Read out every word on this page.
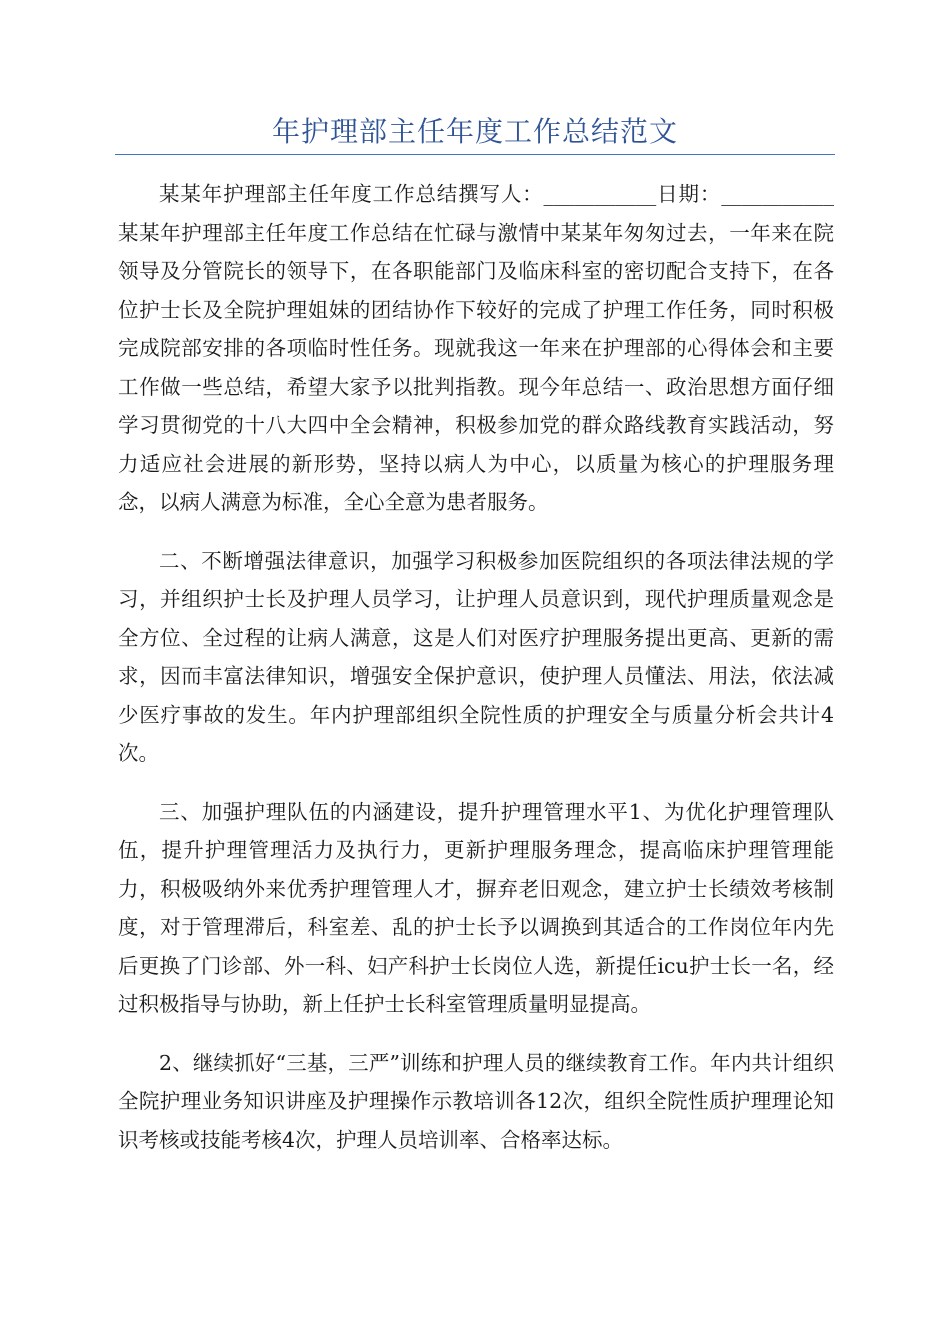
年护理部主任年度工作总结范文

某某年护理部主任年度工作总结撰写人：___________日期：___________某某年护理部主任年度工作总结在忙碌与激情中某某年匆匆过去，一年来在院领导及分管院长的领导下，在各职能部门及临床科室的密切配合支持下，在各位护士长及全院护理姐妹的团结协作下较好的完成了护理工作任务，同时积极完成院部安排的各项临时性任务。现就我这一年来在护理部的心得体会和主要工作做一些总结，希望大家予以批判指教。现今年总结一、政治思想方面仔细学习贯彻党的十八大四中全会精神，积极参加党的群众路线教育实践活动，努力适应社会进展的新形势，坚持以病人为中心，以质量为核心的护理服务理念，以病人满意为标准，全心全意为患者服务。

二、不断增强法律意识，加强学习积极参加医院组织的各项法律法规的学习，并组织护士长及护理人员学习，让护理人员意识到，现代护理质量观念是全方位、全过程的让病人满意，这是人们对医疗护理服务提出更高、更新的需求，因而丰富法律知识，增强安全保护意识，使护理人员懂法、用法，依法减少医疗事故的发生。年内护理部组织全院性质的护理安全与质量分析会共计4次。

三、加强护理队伍的内涵建设，提升护理管理水平1、为优化护理管理队伍，提升护理管理活力及执行力，更新护理服务理念，提高临床护理管理能力，积极吸纳外来优秀护理管理人才，摒弃老旧观念，建立护士长绩效考核制度，对于管理滞后，科室差、乱的护士长予以调换到其适合的工作岗位年内先后更换了门诊部、外一科、妇产科护士长岗位人选，新提任icu护士长一名，经过积极指导与协助，新上任护士长科室管理质量明显提高。

2、继续抓好“三基，三严”训练和护理人员的继续教育工作。年内共计组织全院护理业务知识讲座及护理操作示教培训各12次，组织全院性质护理理论知识考核或技能考核4次，护理人员培训率、合格率达标。
